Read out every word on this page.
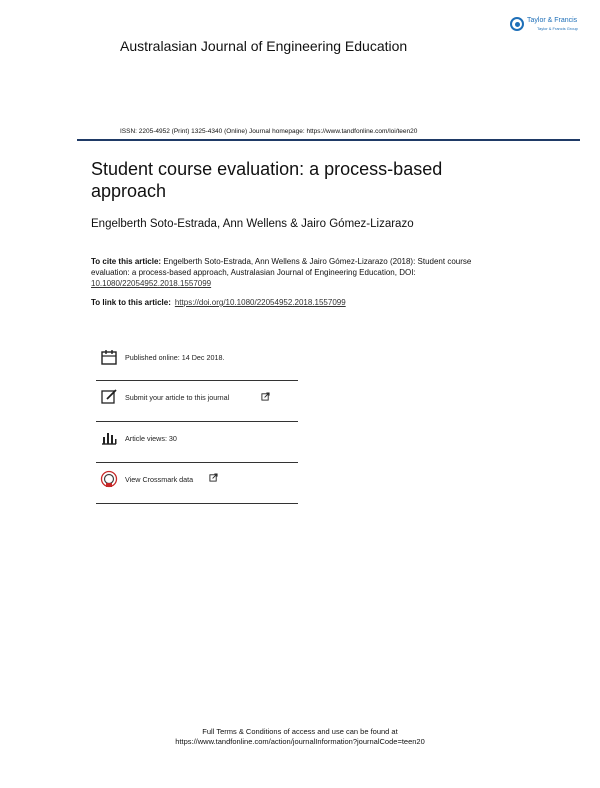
Taylor & Francis
Taylor & Francis Group
Australasian Journal of Engineering Education
ISSN: 2205-4952 (Print) 1325-4340 (Online) Journal homepage: https://www.tandfonline.com/loi/teen20
Student course evaluation: a process-based approach
Engelberth Soto-Estrada, Ann Wellens & Jairo Gómez-Lizarazo
To cite this article: Engelberth Soto-Estrada, Ann Wellens & Jairo Gómez-Lizarazo (2018): Student course evaluation: a process-based approach, Australasian Journal of Engineering Education, DOI: 10.1080/22054952.2018.1557099
To link to this article: https://doi.org/10.1080/22054952.2018.1557099
Published online: 14 Dec 2018.
Submit your article to this journal
Article views: 30
View Crossmark data
Full Terms & Conditions of access and use can be found at
https://www.tandfonline.com/action/journalInformation?journalCode=teen20
